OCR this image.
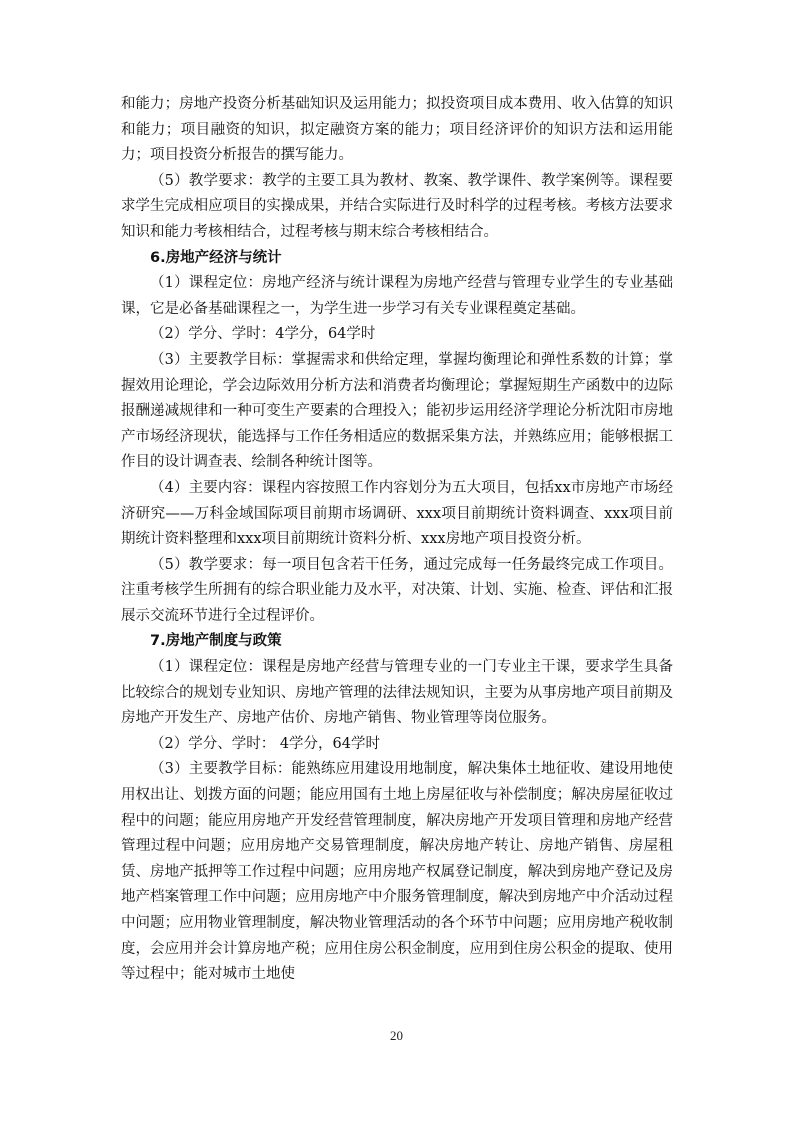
和能力；房地产投资分析基础知识及运用能力；拟投资项目成本费用、收入估算的知识和能力；项目融资的知识，拟定融资方案的能力；项目经济评价的知识方法和运用能力；项目投资分析报告的撰写能力。

（5）教学要求：教学的主要工具为教材、教案、教学课件、教学案例等。课程要求学生完成相应项目的实操成果，并结合实际进行及时科学的过程考核。考核方法要求知识和能力考核相结合，过程考核与期末综合考核相结合。

6.房地产经济与统计

（1）课程定位：房地产经济与统计课程为房地产经营与管理专业学生的专业基础课，它是必备基础课程之一，为学生进一步学习有关专业课程奠定基础。

（2）学分、学时：4学分，64学时

（3）主要教学目标：掌握需求和供给定理，掌握均衡理论和弹性系数的计算；掌握效用论理论，学会边际效用分析方法和消费者均衡理论；掌握短期生产函数中的边际报酬递减规律和一种可变生产要素的合理投入；能初步运用经济学理论分析沈阳市房地产市场经济现状，能选择与工作任务相适应的数据采集方法，并熟练应用；能够根据工作目的设计调查表、绘制各种统计图等。

（4）主要内容：课程内容按照工作内容划分为五大项目，包括xx市房地产市场经济研究——万科金域国际项目前期市场调研、xxx项目前期统计资料调查、xxx项目前期统计资料整理和xxx项目前期统计资料分析、xxx房地产项目投资分析。

（5）教学要求：每一项目包含若干任务，通过完成每一任务最终完成工作项目。注重考核学生所拥有的综合职业能力及水平，对决策、计划、实施、检查、评估和汇报展示交流环节进行全过程评价。

7.房地产制度与政策

（1）课程定位：课程是房地产经营与管理专业的一门专业主干课，要求学生具备比较综合的规划专业知识、房地产管理的法律法规知识，主要为从事房地产项目前期及房地产开发生产、房地产估价、房地产销售、物业管理等岗位服务。

（2）学分、学时： 4学分，64学时

（3）主要教学目标：能熟练应用建设用地制度，解决集体土地征收、建设用地使用权出让、划拨方面的问题；能应用国有土地上房屋征收与补偿制度；解决房屋征收过程中的问题；能应用房地产开发经营管理制度，解决房地产开发项目管理和房地产经营管理过程中问题；应用房地产交易管理制度，解决房地产转让、房地产销售、房屋租赁、房地产抵押等工作过程中问题；应用房地产权属登记制度，解决到房地产登记及房地产档案管理工作中问题；应用房地产中介服务管理制度，解决到房地产中介活动过程中问题；应用物业管理制度，解决物业管理活动的各个环节中问题；应用房地产税收制度，会应用并会计算房地产税；应用住房公积金制度，应用到住房公积金的提取、使用等过程中；能对城市土地使

20
